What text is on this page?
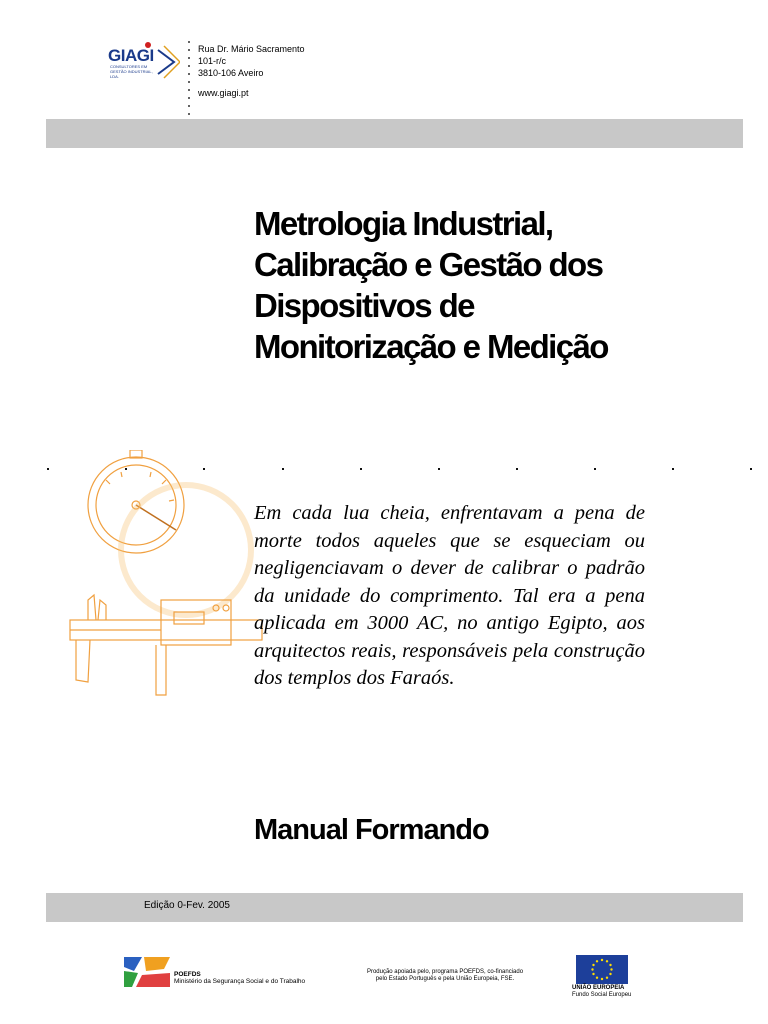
GIAGI
CONSULTORES EM GESTÃO INDUSTRIAL, LDA.
Rua Dr. Mário Sacramento
101-r/c
3810-106 Aveiro
www.giagi.pt
Metrologia Industrial,
Calibração e Gestão dos
Dispositivos de
Monitorização e Medição
Em cada lua cheia, enfrentavam a pena de morte todos aqueles que se esqueciam ou negligenciavam o dever de calibrar o padrão da unidade do comprimento. Tal era a pena aplicada em 3000 AC, no antigo Egipto, aos arquitectos reais, responsáveis pela construção dos templos dos Faraós.
Manual Formando
Edição 0-Fev. 2005
POEFDS
Ministério da Segurança Social e do Trabalho
Produção apoiada pelo, programa POEFDS, co-financiado
pelo Estado Português e pela União Europeia, FSE.
UNIÃO EUROPEIA
Fundo Social Europeu
